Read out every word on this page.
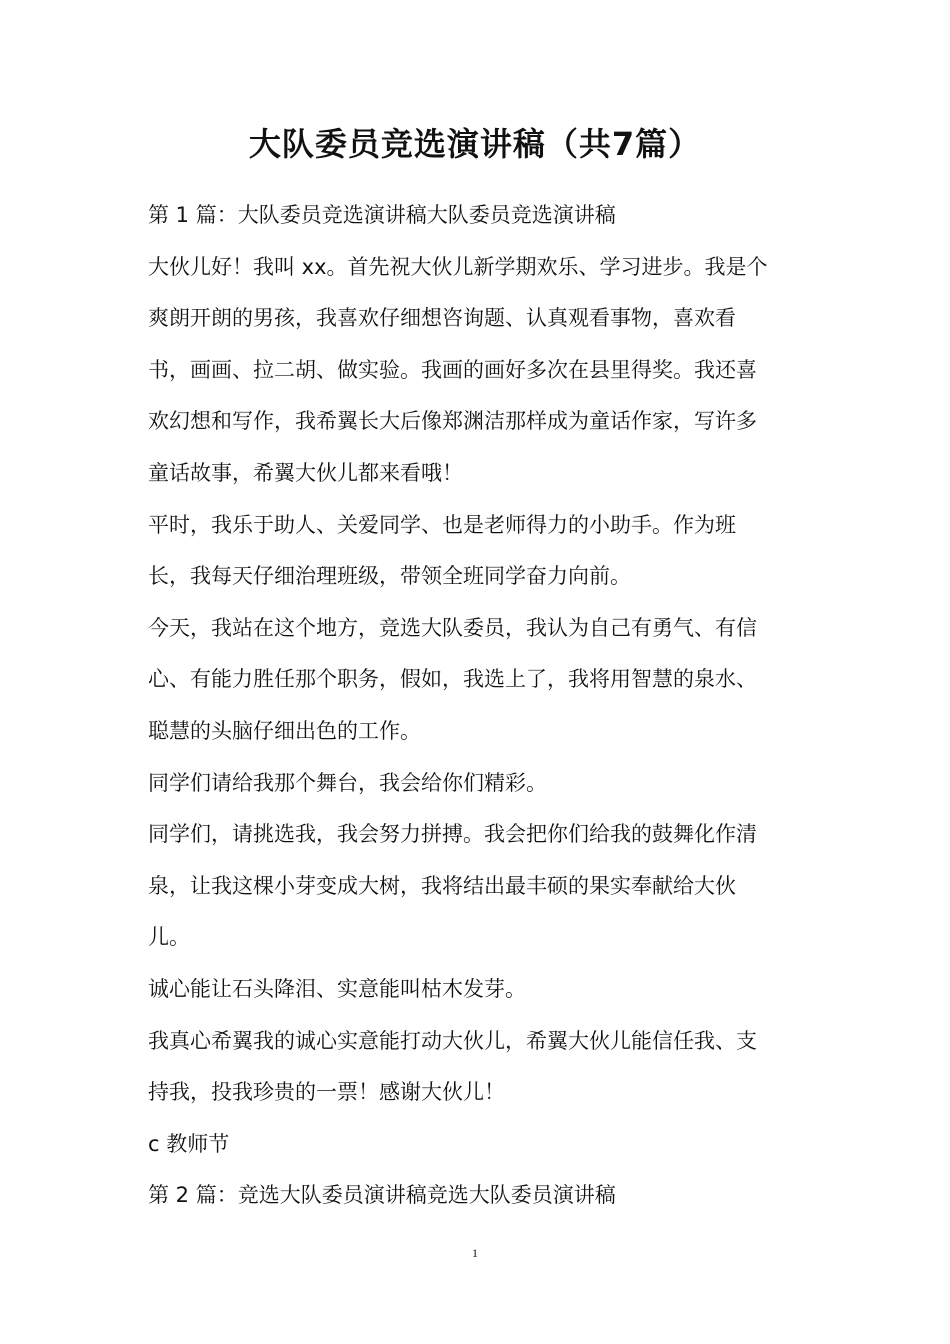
大队委员竞选演讲稿（共7篇）
第 1 篇：大队委员竞选演讲稿大队委员竞选演讲稿
大伙儿好！我叫 xx。首先祝大伙儿新学期欢乐、学习进步。我是个
爽朗开朗的男孩，我喜欢仔细想咨询题、认真观看事物，喜欢看
书，画画、拉二胡、做实验。我画的画好多次在县里得奖。我还喜
欢幻想和写作，我希翼长大后像郑渊洁那样成为童话作家，写许多
童话故事，希翼大伙儿都来看哦！
平时，我乐于助人、关爱同学、也是老师得力的小助手。作为班
长，我每天仔细治理班级，带领全班同学奋力向前。
今天，我站在这个地方，竞选大队委员，我认为自己有勇气、有信
心、有能力胜任那个职务，假如，我选上了，我将用智慧的泉水、
聪慧的头脑仔细出色的工作。
同学们请给我那个舞台，我会给你们精彩。
同学们，请挑选我，我会努力拼搏。我会把你们给我的鼓舞化作清
泉，让我这棵小芽变成大树，我将结出最丰硕的果实奉献给大伙
儿。
诚心能让石头降泪、实意能叫枯木发芽。
我真心希翼我的诚心实意能打动大伙儿，希翼大伙儿能信任我、支
持我，投我珍贵的一票！感谢大伙儿！
c 教师节
第 2 篇：竞选大队委员演讲稿竞选大队委员演讲稿
1
